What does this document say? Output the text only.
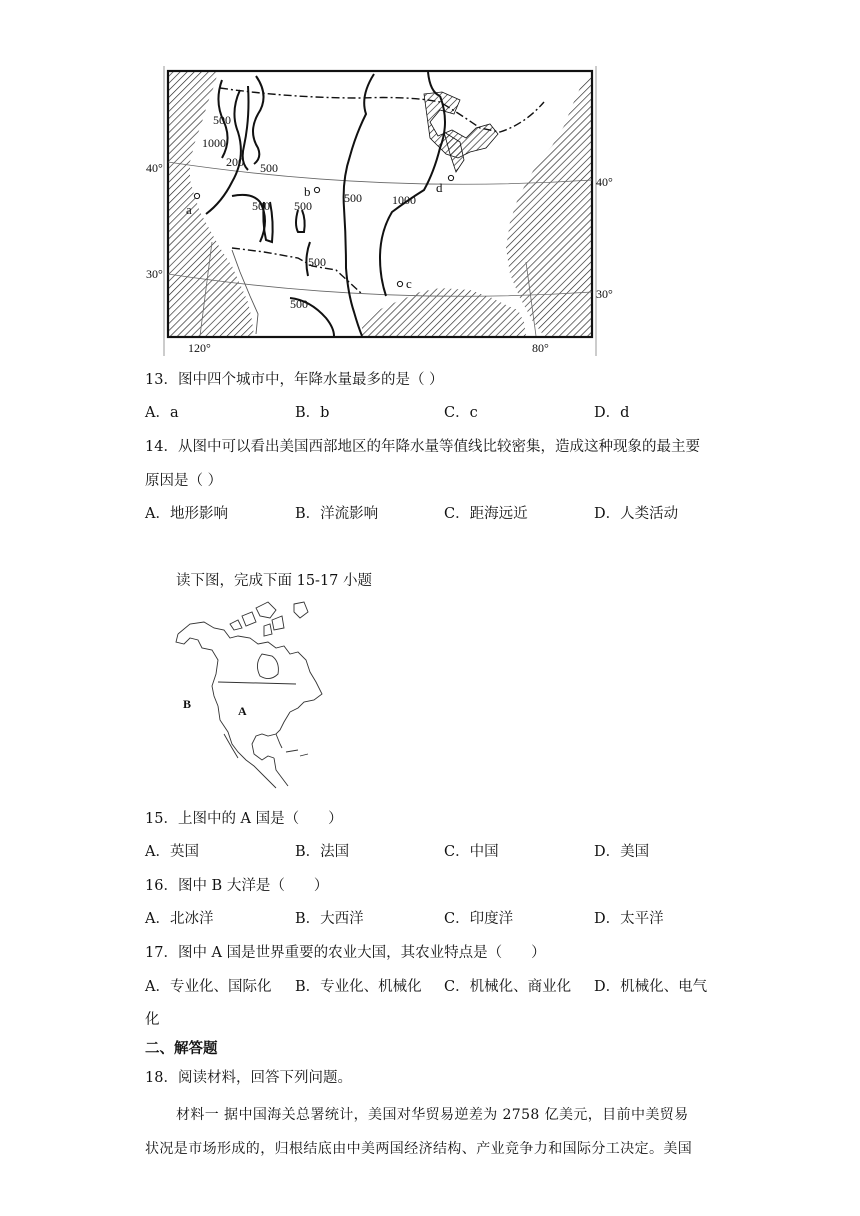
500
1000
200 500
500 500
500
500
1000
500
a
b
c
d
40°
30°
40°
30°
120°	80°
13．图中四个城市中，年降水量最多的是（ ）
A．a	B．b	C．c	D．d
14．从图中可以看出美国西部地区的年降水量等值线比较密集，造成这种现象的最主要
原因是（ ）
A．地形影响	B．洋流影响	C．距海远近	D．人类活动
读下图，完成下面 15-17 小题
B	A
15．上图中的 A 国是（　　）
A．英国	B．法国	C．中国	D．美国
16．图中 B 大洋是（　　）
A．北冰洋	B．大西洋	C．印度洋	D．太平洋
17．图中 A 国是世界重要的农业大国，其农业特点是（　　）
A．专业化、国际化 B．专业化、机械化 C．机械化、商业化 D．机械化、电气
化
二、解答题
18．阅读材料，回答下列问题。
材料一 据中国海关总署统计，美国对华贸易逆差为 2758 亿美元，目前中美贸易
状况是市场形成的，归根结底由中美两国经济结构、产业竞争力和国际分工决定。美国
